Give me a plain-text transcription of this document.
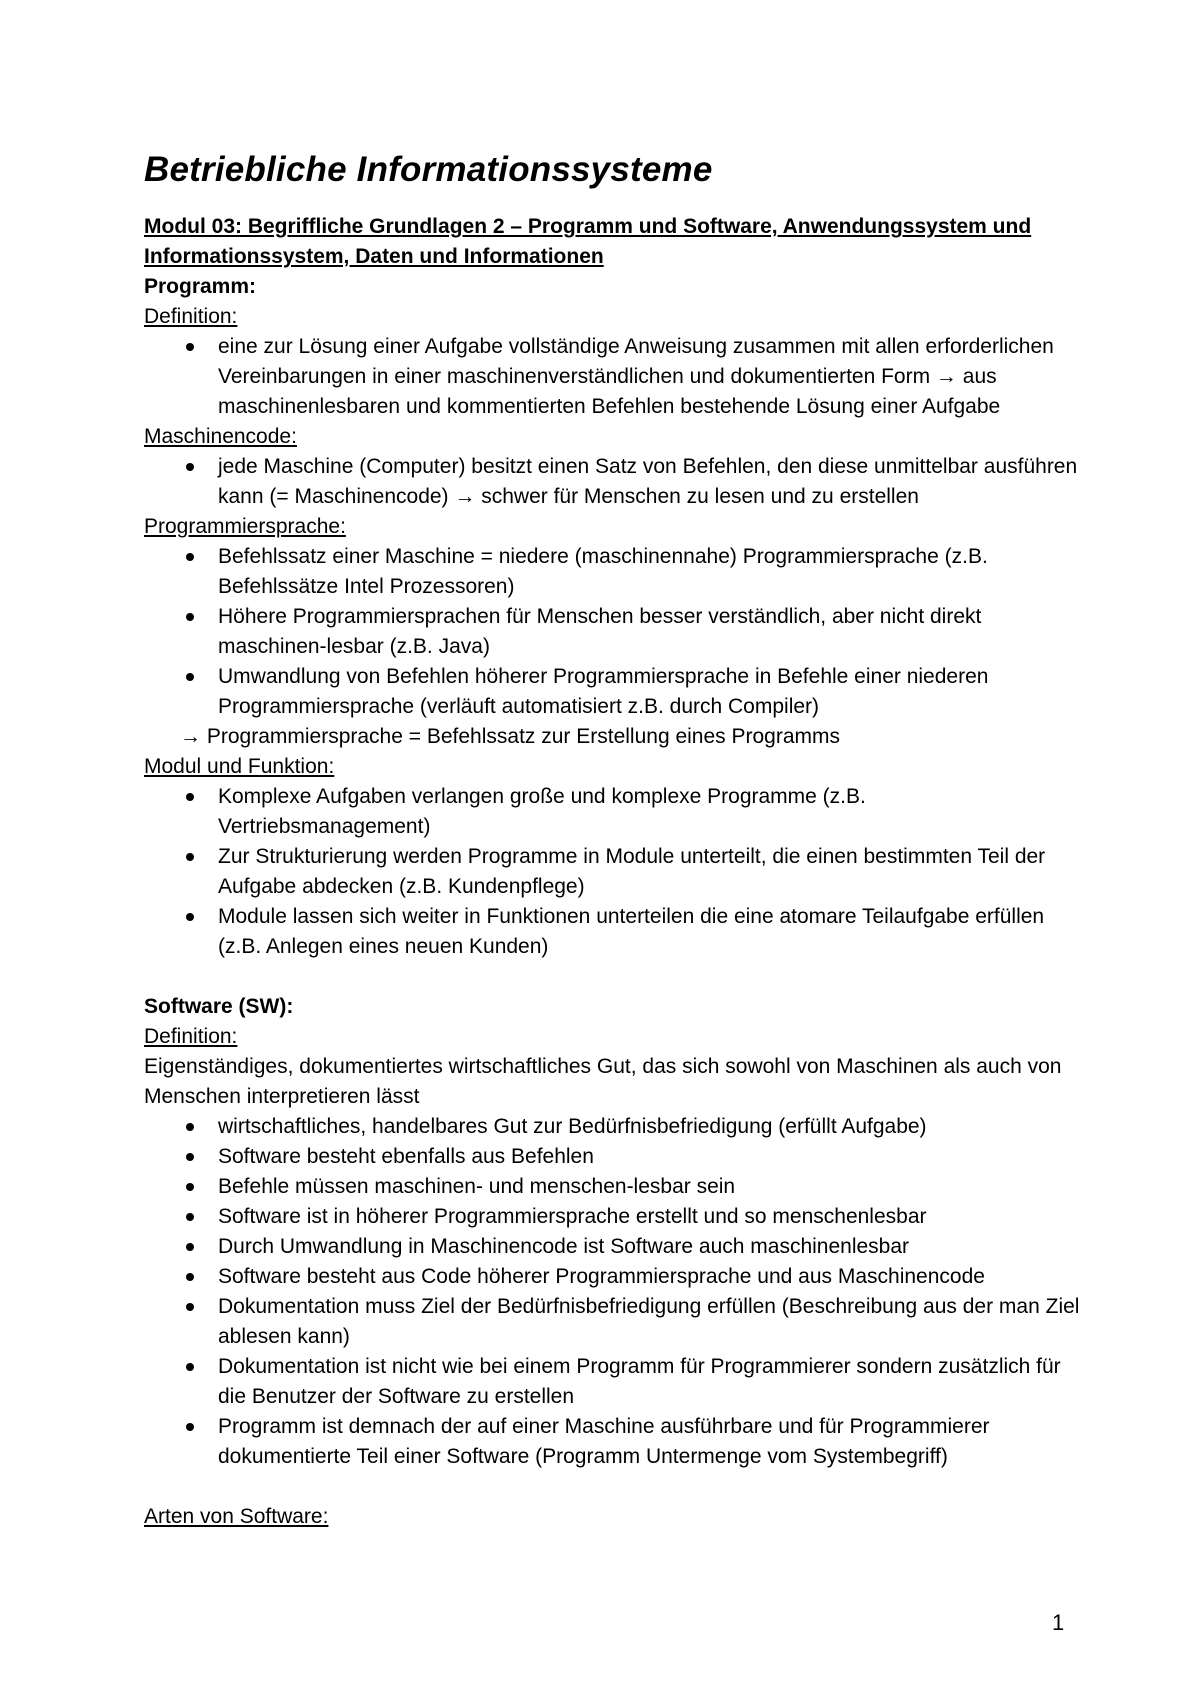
Betriebliche Informationssysteme

Modul 03: Begriffliche Grundlagen 2 – Programm und Software, Anwendungssystem und Informationssystem, Daten und Informationen

Programm:

Definition:

eine zur Lösung einer Aufgabe vollständige Anweisung zusammen mit allen erforderlichen Vereinbarungen in einer maschinenverständlichen und dokumentierten Form → aus maschinenlesbaren und kommentierten Befehlen bestehende Lösung einer Aufgabe

Maschinencode:

jede Maschine (Computer) besitzt einen Satz von Befehlen, den diese unmittelbar ausführen kann (= Maschinencode) → schwer für Menschen zu lesen und zu erstellen

Programmiersprache:

Befehlssatz einer Maschine = niedere (maschinennahe) Programmiersprache (z.B. Befehlssätze Intel Prozessoren)
Höhere Programmiersprachen für Menschen besser verständlich, aber nicht direkt maschinen-lesbar (z.B. Java)
Umwandlung von Befehlen höherer Programmiersprache in Befehle einer niederen Programmiersprache (verläuft automatisiert z.B. durch Compiler)

→ Programmiersprache = Befehlssatz zur Erstellung eines Programms

Modul und Funktion:

Komplexe Aufgaben verlangen große und komplexe Programme (z.B. Vertriebsmanagement)
Zur Strukturierung werden Programme in Module unterteilt, die einen bestimmten Teil der Aufgabe abdecken (z.B. Kundenpflege)
Module lassen sich weiter in Funktionen unterteilen die eine atomare Teilaufgabe erfüllen (z.B. Anlegen eines neuen Kunden)

Software (SW):

Definition:

Eigenständiges, dokumentiertes wirtschaftliches Gut, das sich sowohl von Maschinen als auch von Menschen interpretieren lässt

wirtschaftliches, handelbares Gut zur Bedürfnisbefriedigung (erfüllt Aufgabe)
Software besteht ebenfalls aus Befehlen
Befehle müssen maschinen- und menschen-lesbar sein
Software ist in höherer Programmiersprache erstellt und so menschenlesbar
Durch Umwandlung in Maschinencode ist Software auch maschinenlesbar
Software besteht aus Code höherer Programmiersprache und aus Maschinencode
Dokumentation muss Ziel der Bedürfnisbefriedigung erfüllen (Beschreibung aus der man Ziel ablesen kann)
Dokumentation ist nicht wie bei einem Programm für Programmierer sondern zusätzlich für die Benutzer der Software zu erstellen
Programm ist demnach der auf einer Maschine ausführbare und für Programmierer dokumentierte Teil einer Software (Programm Untermenge vom Systembegriff)

Arten von Software:

1
